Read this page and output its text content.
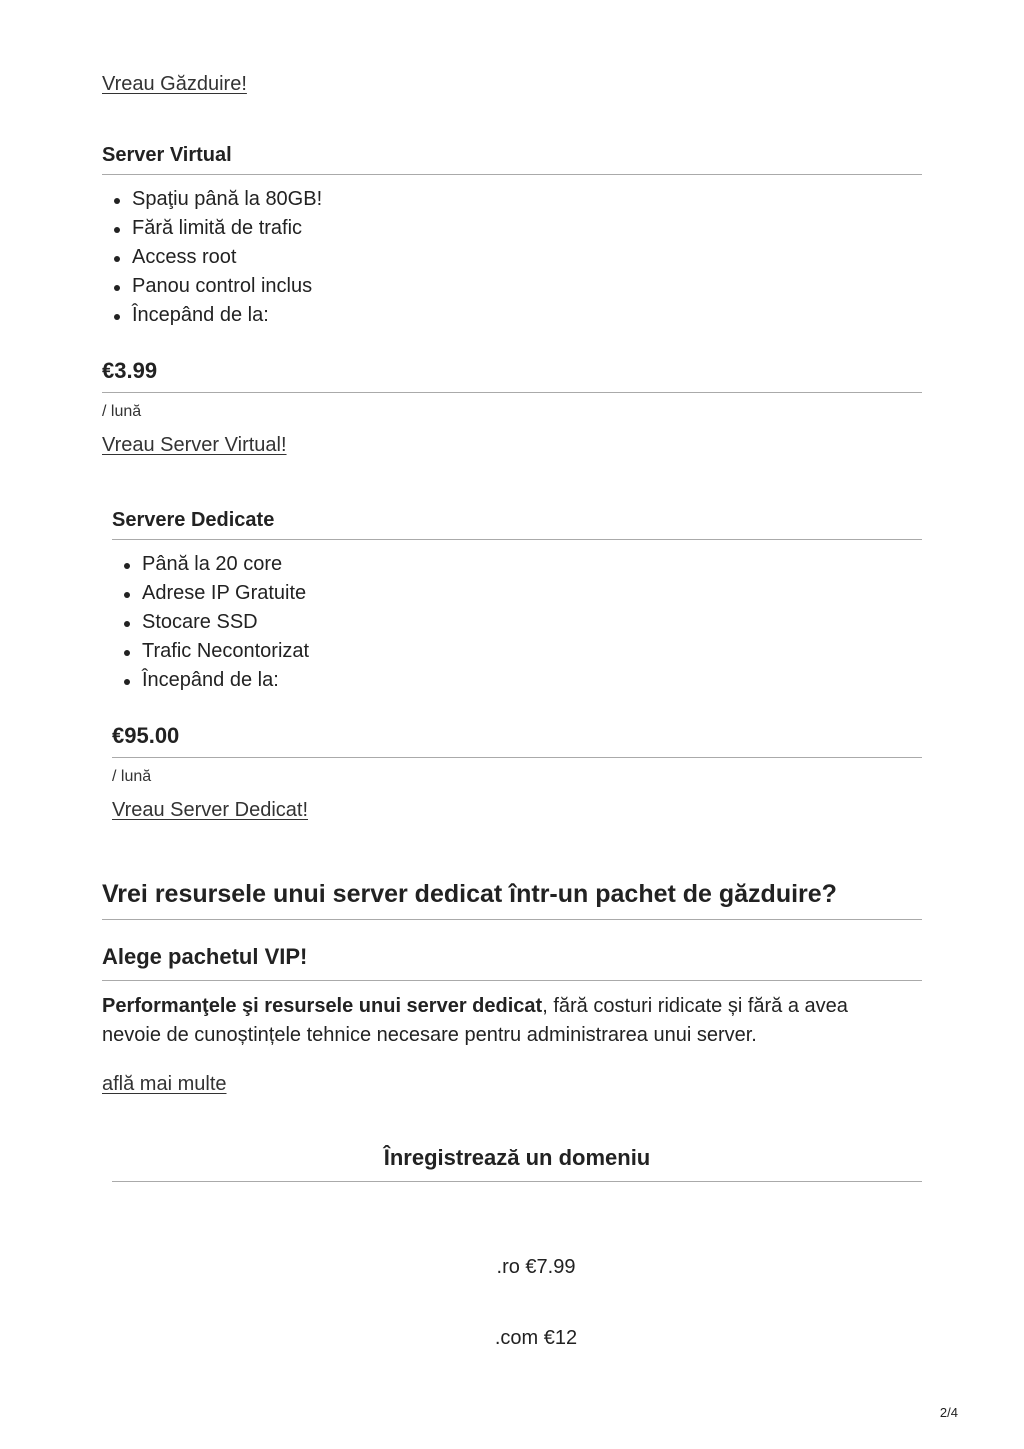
Vreau Găzduire!
Server Virtual
Spaţiu până la 80GB!
Fără limită de trafic
Access root
Panou control inclus
Începând de la:
€3.99
/ lună
Vreau Server Virtual!
Servere Dedicate
Până la 20 core
Adrese IP Gratuite
Stocare SSD
Trafic Necontorizat
Începând de la:
€95.00
/ lună
Vreau Server Dedicat!
Vrei resursele unui server dedicat într-un pachet de găzduire?
Alege pachetul VIP!

Performanţele şi resursele unui server dedicat, fără costuri ridicate și fără a avea nevoie de cunoștințele tehnice necesare pentru administrarea unui server.

află mai multe
Înregistrează un domeniu
.ro €7.99
.com €12
2/4
